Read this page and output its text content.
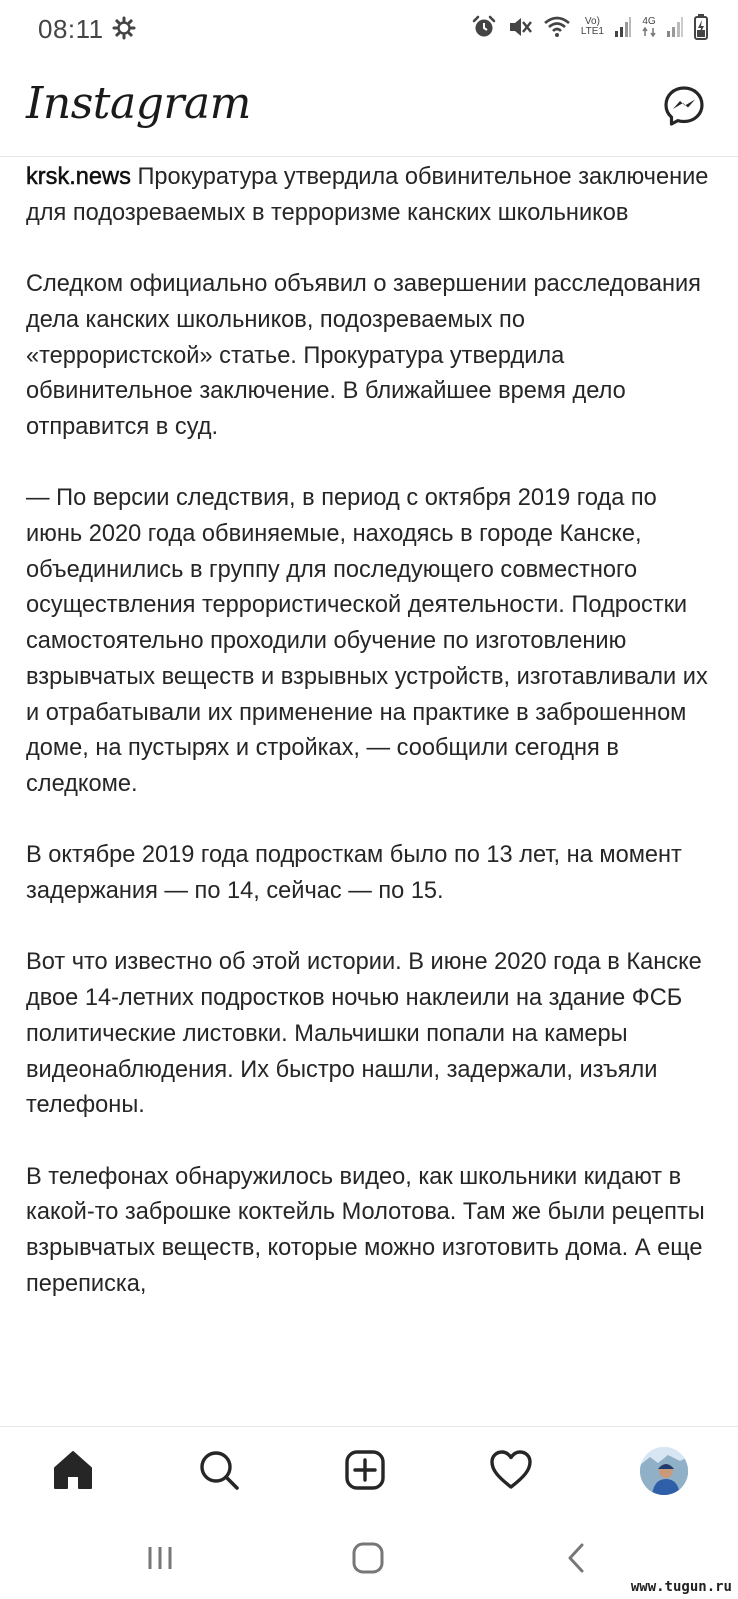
08:11	Vo)
LTE1
4G
Instagram

krsk.news Прокуратура утвердила обвинительное заключение для подозреваемых в терроризме канских школьников

Следком официально объявил о завершении расследования дела канских школьников, подозреваемых по «террористской» статье. Прокуратура утвердила обвинительное заключение. В ближайшее время дело отправится в суд.

— По версии следствия, в период с октября 2019 года по июнь 2020 года обвиняемые, находясь в городе Канске, объединились в группу для последующего совместного осуществления террористической деятельности. Подростки самостоятельно проходили обучение по изготовлению взрывчатых веществ и взрывных устройств, изготавливали их и отрабатывали их применение на практике в заброшенном доме, на пустырях и стройках, — сообщили сегодня в следкоме.

В октябре 2019 года подросткам было по 13 лет, на момент задержания — по 14, сейчас — по 15.

Вот что известно об этой истории. В июне 2020 года в Канске двое 14-летних подростков ночью наклеили на здание ФСБ политические листовки. Мальчишки попали на камеры видеонаблюдения. Их быстро нашли, задержали, изъяли телефоны.

В телефонах обнаружилось видео, как школьники кидают в какой-то заброшке коктейль Молотова. Там же были рецепты взрывчатых веществ, которые можно изготовить дома. А еще переписка,

www.tugun.ru
